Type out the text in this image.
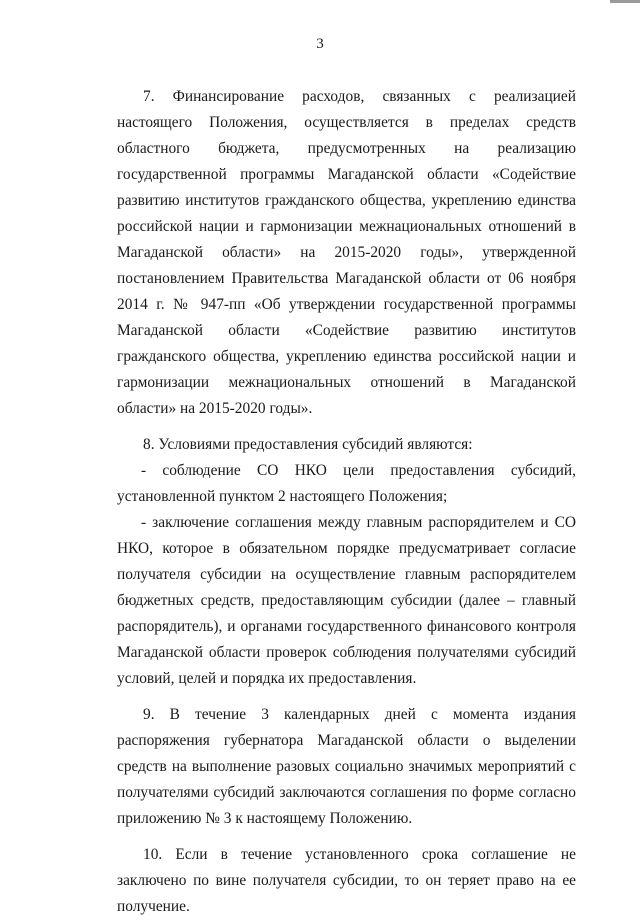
3

7. Финансирование расходов, связанных с реализацией настоящего Положения, осуществляется в пределах средств областного бюджета, предусмотренных на реализацию государственной программы Магаданской области «Содействие развитию институтов гражданского общества, укреплению единства российской нации и гармонизации межнациональных отношений в Магаданской области» на 2015-2020 годы», утвержденной постановлением Правительства Магаданской области от 06 ноября 2014 г. № 947-пп «Об утверждении государственной программы Магаданской области «Содействие развитию институтов гражданского общества, укреплению единства российской нации и гармонизации межнациональных отношений в Магаданской области» на 2015-2020 годы».

8. Условиями предоставления субсидий являются:

- соблюдение СО НКО цели предоставления субсидий, установленной пунктом 2 настоящего Положения;

- заключение соглашения между главным распорядителем и СО НКО, которое в обязательном порядке предусматривает согласие получателя субсидии на осуществление главным распорядителем бюджетных средств, предоставляющим субсидии (далее – главный распорядитель), и органами государственного финансового контроля Магаданской области проверок соблюдения получателями субсидий условий, целей и порядка их предоставления.

9. В течение 3 календарных дней с момента издания распоряжения губернатора Магаданской области о выделении средств на выполнение разовых социально значимых мероприятий с получателями субсидий заключаются соглашения по форме согласно приложению № 3 к настоящему Положению.

10. Если в течение установленного срока соглашение не заключено по вине получателя субсидии, то он теряет право на ее получение.
